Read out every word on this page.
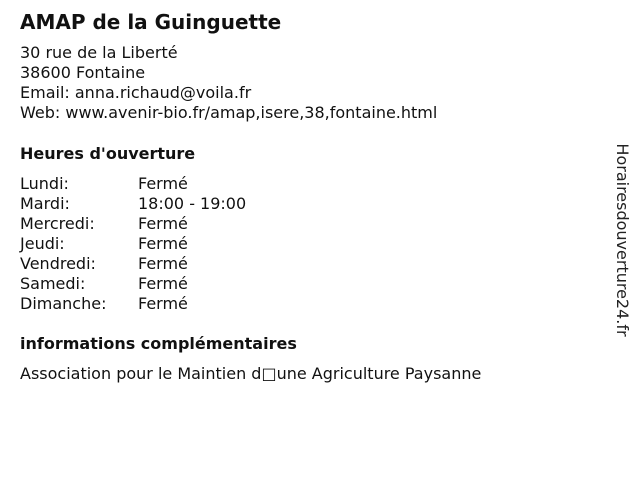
AMAP de la Guinguette
30 rue de la Liberté
38600 Fontaine
Email: anna.richaud@voila.fr
Web: www.avenir-bio.fr/amap,isere,38,fontaine.html
Heures d'ouverture
Lundi:	Fermé
Mardi:	18:00 - 19:00
Mercredi:	Fermé
Jeudi:	Fermé
Vendredi:	Fermé
Samedi:	Fermé
Dimanche:	Fermé
informations complémentaires
Association pour le Maintien d□une Agriculture Paysanne
Horairesdouverture24.fr
